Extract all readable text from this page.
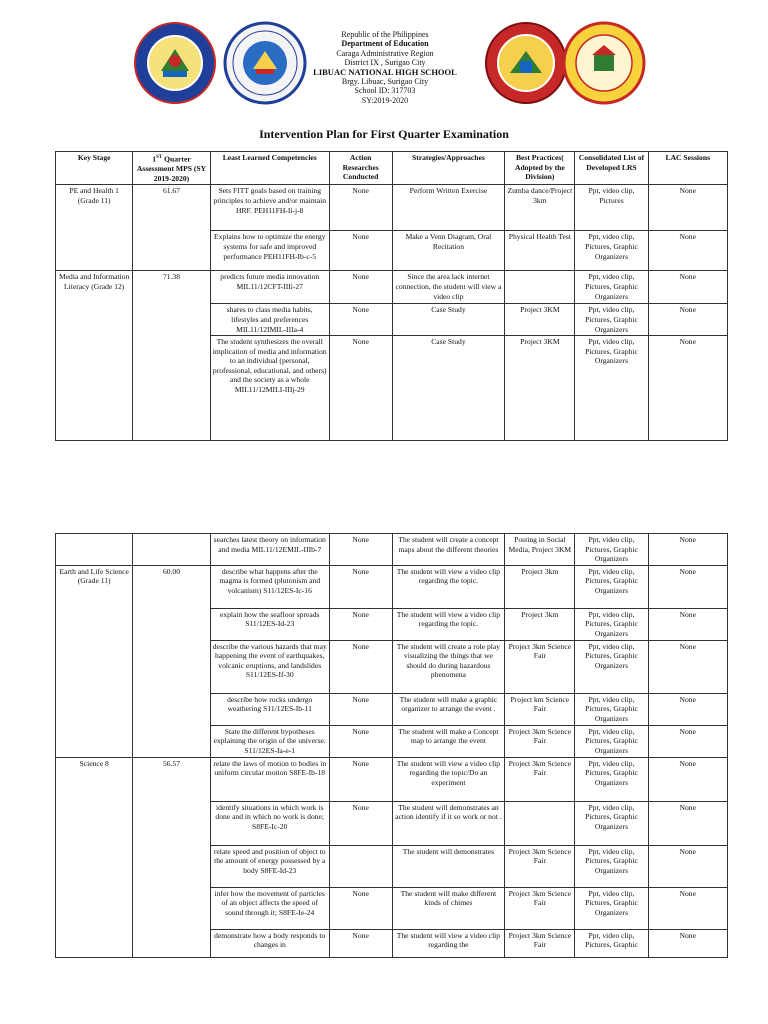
Republic of the Philippines
Department of Education
Caraga Administrative Region
District IX , Surigao City
LIBUAC NATIONAL HIGH SCHOOL
Brgy. Libuac, Surigao City
School ID: 317703
SY:2019-2020
Intervention Plan for First Quarter Examination
Key Stage	1ST Quarter Assessment MPS (SY 2019-2020)	Least Learned Competencies	Action Researches Conducted	Strategies/Approaches	Best Practices( Adopted by the Division)	Consolidated List of Developed LRS	LAC Sessions
PE and Health 1 (Grade 11)	61.67	Sets FITT goals based on training principles to achieve and/or maintain HRF. PEH11FH-Ii-j-8	None	Perform Written Exercise	Zumba dance/Project 3km	Ppt, video clip, Pictures	None
		Explains how to optimize the energy systems for safe and improved performance PEH11FH-Ib-c-5	None	Make a Venn Diagram, Oral Recitation	Physical Health Test	Ppt, video clip, Pictures, Graphic Organizers	None
Media and Information Literacy (Grade 12)	71.38	predicts future media innovation MIL11/12CFT-IIIi-27	None	Since the area lack internet connection, the student will view a video clip		Ppt, video clip, Pictures, Graphic Organizers	None
		shares to class media habits, lifestyles and preferences MIL11/12IMIL-IIIa-4	None	Case Study	Project 3KM	Ppt, video clip, Pictures, Graphic Organizers	None
		The student synthesizes the overall implication of media and information to an individual (personal, professional, educational, and others) and the society as a whole MIL11/12MILI-IIIj-29	None	Case Study	Project 3KM	Ppt, video clip, Pictures, Graphic Organizers	None
		searches latest theory on information and media MIL11/12EMIL-IIIb-7	None	The student will create a concept maps about the different theories	Posting in Social Media, Project 3KM	Ppt, video clip, Pictures, Graphic Organizers	None
Earth and Life Science (Grade 11)	60.00	describe what happens after the magma is formed (plutonism and volcanism) S11/12ES-Ic-16	None	The student will view a video clip regarding the topic.	Project 3km	Ppt, video clip, Pictures, Graphic Organizers	None
		explain how the seafloor spreads S11/12ES-Id-23	None	The student will view a video clip regarding the topic.	Project 3km	Ppt, video clip, Pictures, Graphic Organizers	None
		describe the various hazards that may happening the event of earthquakes, volcanic eruptions, and landslides S11/12ES-If-30	None	The student will create a role play visualizing the things that we should do during hazardous phenomena	Project 3km Science Fair	Ppt, video clip, Pictures, Graphic Organizers	None
		describe how rocks undergo weathering S11/12ES-Ib-11	None	The student will make a graphic organizer to arrange the event .	Project km Science Fair	Ppt, video clip, Pictures, Graphic Organizers	None
		State the different hypotheses explaining the origin of the universe. S11/12ES-Ia-e-1	None	The student will make a Concept map to arrange the event	Project 3km Science Fair	Ppt, video clip, Pictures, Graphic Organizers	None
Science 8	56.57	relate the laws of motion to bodies in uniform circular motion S8FE-Ib-18	None	The student will view a video clip regarding the topic/Do an experiment	Project 3km Science Fair	Ppt, video clip, Pictures, Graphic Organizers	None
		identify situations in which work is done and in which no work is done; S8FE-Ic-20	None	The student will demonstrates an action identify if it so work or not .		Ppt, video clip, Pictures, Graphic Organizers	None
		relate speed and position of object to the amount of energy possessed by a body S8FE-Id-23		The student will demonstrates	Project 3km Science Fair	Ppt, video clip, Pictures, Graphic Organizers	None
		infer how the movement of particles of an object affects the speed of sound through it; S8FE-Ie-24	None	The student will make different kinds of chimes	Project 3km Science Fair	Ppt, video clip, Pictures, Graphic Organizers	None
		demonstrate how a body responds to changes in	None	The student will view a video clip regarding the	Project 3km Science Fair	Ppt, video clip, Pictures, Graphic	None
